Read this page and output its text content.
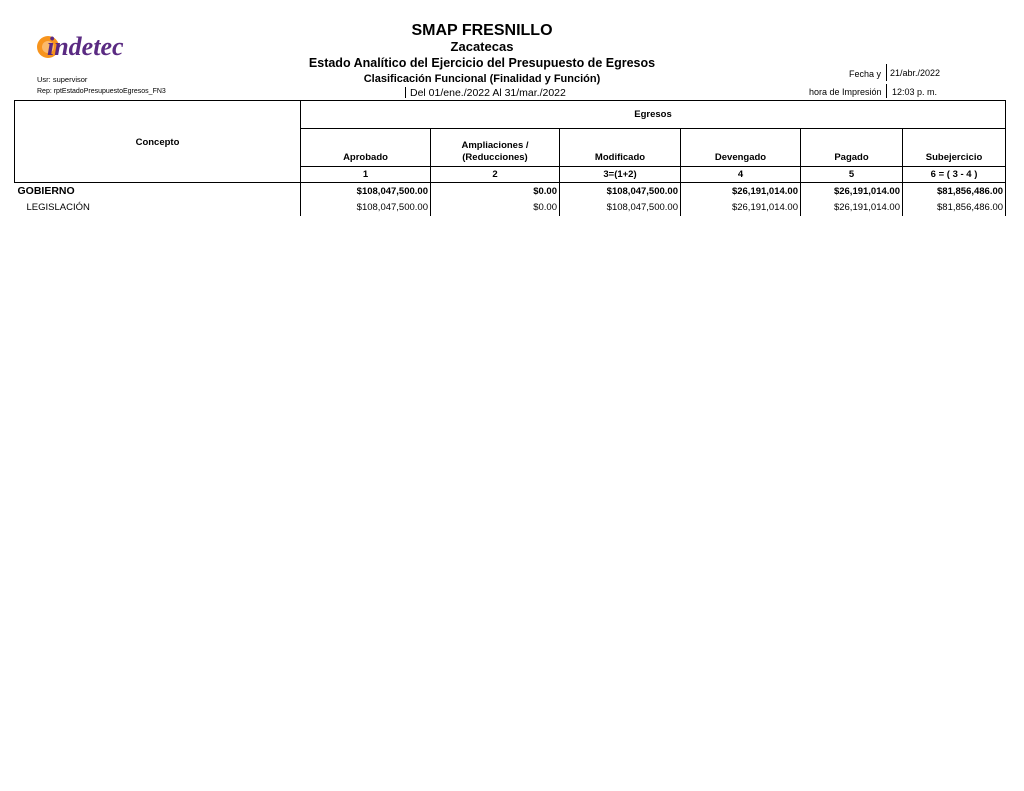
indetec
Usr: supervisor
Rep: rptEstadoPresupuestoEgresos_FN3
SMAP FRESNILLO
Zacatecas
Estado Analítico del Ejercicio del Presupuesto de Egresos
Clasificación Funcional (Finalidad y Función)
Del 01/ene./2022 Al 31/mar./2022
Fecha y 21/abr./2022
hora de Impresión	12:03 p. m.
Concepto	Egresos					
	Aprobado	Ampliaciones / (Reducciones)	Modificado	Devengado	Pagado	Subejercicio
	1	2	3=(1+2)	4	5	6 = ( 3 - 4 )
GOBIERNO	$108,047,500.00	$0.00	$108,047,500.00	$26,191,014.00	$26,191,014.00	$81,856,486.00
LEGISLACIÓN	$108,047,500.00	$0.00	$108,047,500.00	$26,191,014.00	$26,191,014.00	$81,856,486.00
